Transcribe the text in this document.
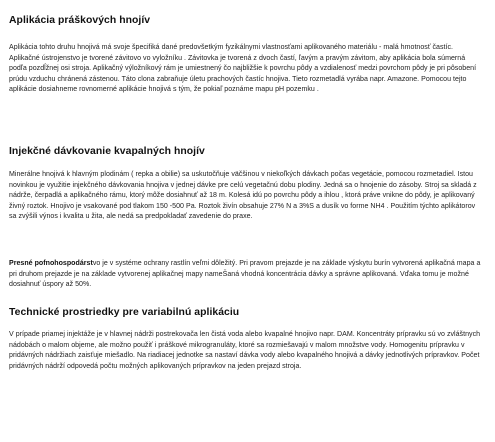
Aplikácia práškových hnojív

Aplikácia tohto druhu hnojivá má svoje špecifiká dané predovšetkým fyzikálnymi vlastnosťami aplikovaného materiálu - malá hmotnosť častíc. Aplikačné ústrojenstvo je tvorené závitovo vo vyložníku . Závitovka je tvorená z dvoch častí, ľavým a pravým závitom, aby aplikácia bola súmerná podľa pozdĺžnej osi stroja. Aplikačný výložníkový rám je umiestnený čo najbližšie k povrchu pôdy a vzdialenosť medzi povrchom pôdy je pri pôsobení prúdu vzduchu chránená zástenou. Táto clona zabraňuje úletu prachových častíc hnojiva. Tieto rozmetadlá vyrába napr. Amazone. Pomocou tejto aplikácie dosiahneme rovnomerné aplikácie hnojivá s tým, že pokiaľ poznáme mapu pH pozemku .

Injekčné dávkovanie kvapalných hnojív

Minerálne hnojivá k hlavným plodinám ( repka a obilie) sa uskutočňuje väčšinou v niekoľkých dávkach počas vegetácie, pomocou rozmetadiel. Istou novinkou je využitie injekčného dávkovania hnojiva v jednej dávke pre celú vegetačnú dobu plodiny. Jedná sa o hnojenie do zásoby. Stroj sa skladá z nádrže, čerpadlá a aplikačného rámu, ktorý môže dosiahnuť až 18 m. Kolesá idú po povrchu pôdy a ihlou , ktorá práve vnikne do pôdy, je aplikovaný živný roztok. Hnojivo je vsakované pod tlakom 150 -500 Pa. Roztok živín obsahuje 27% N a 3%S a dusík vo forme NH4 . Použitím týchto aplikátorov sa zvýšili výnos i kvalita u žita, ale nedá sa predpokladať zavedenie do praxe.

Presné pofnohospodárstvo je v systéme ochrany rastlín veľmi dôležitý. Pri pravom prejazde je na základe výskytu burín vytvorená aplikačná mapa a pri druhom prejazde je na základe vytvorenej aplikačnej mapy nameŠaná vhodná koncentrácia dávky a správne aplikovaná. Vďaka tomu je možné dosiahnuť úspory až 50%.

Technické prostriedky pre variabilnú aplikáciu

V prípade priamej injektáže je v hlavnej nádrži postrekovača len čistá voda alebo kvapalné hnojivo napr. DAM. Koncentráty prípravku sú vo zvláštnych nádobách o malom objeme, ale možno použiť i práškové mikrogranuláty, ktoré sa rozmiešavajú v malom množstve vody. Homogenitu prípravku v pridávných nádržiach zaisťuje miešadlo. Na riadiacej jednotke sa nastaví dávka vody alebo kvapalného hnojivá a dávky jednotlivých prípravkov. Počet pridávných nádrží odpovedá počtu možných aplikovaných prípravkov na jeden prejazd stroja.
